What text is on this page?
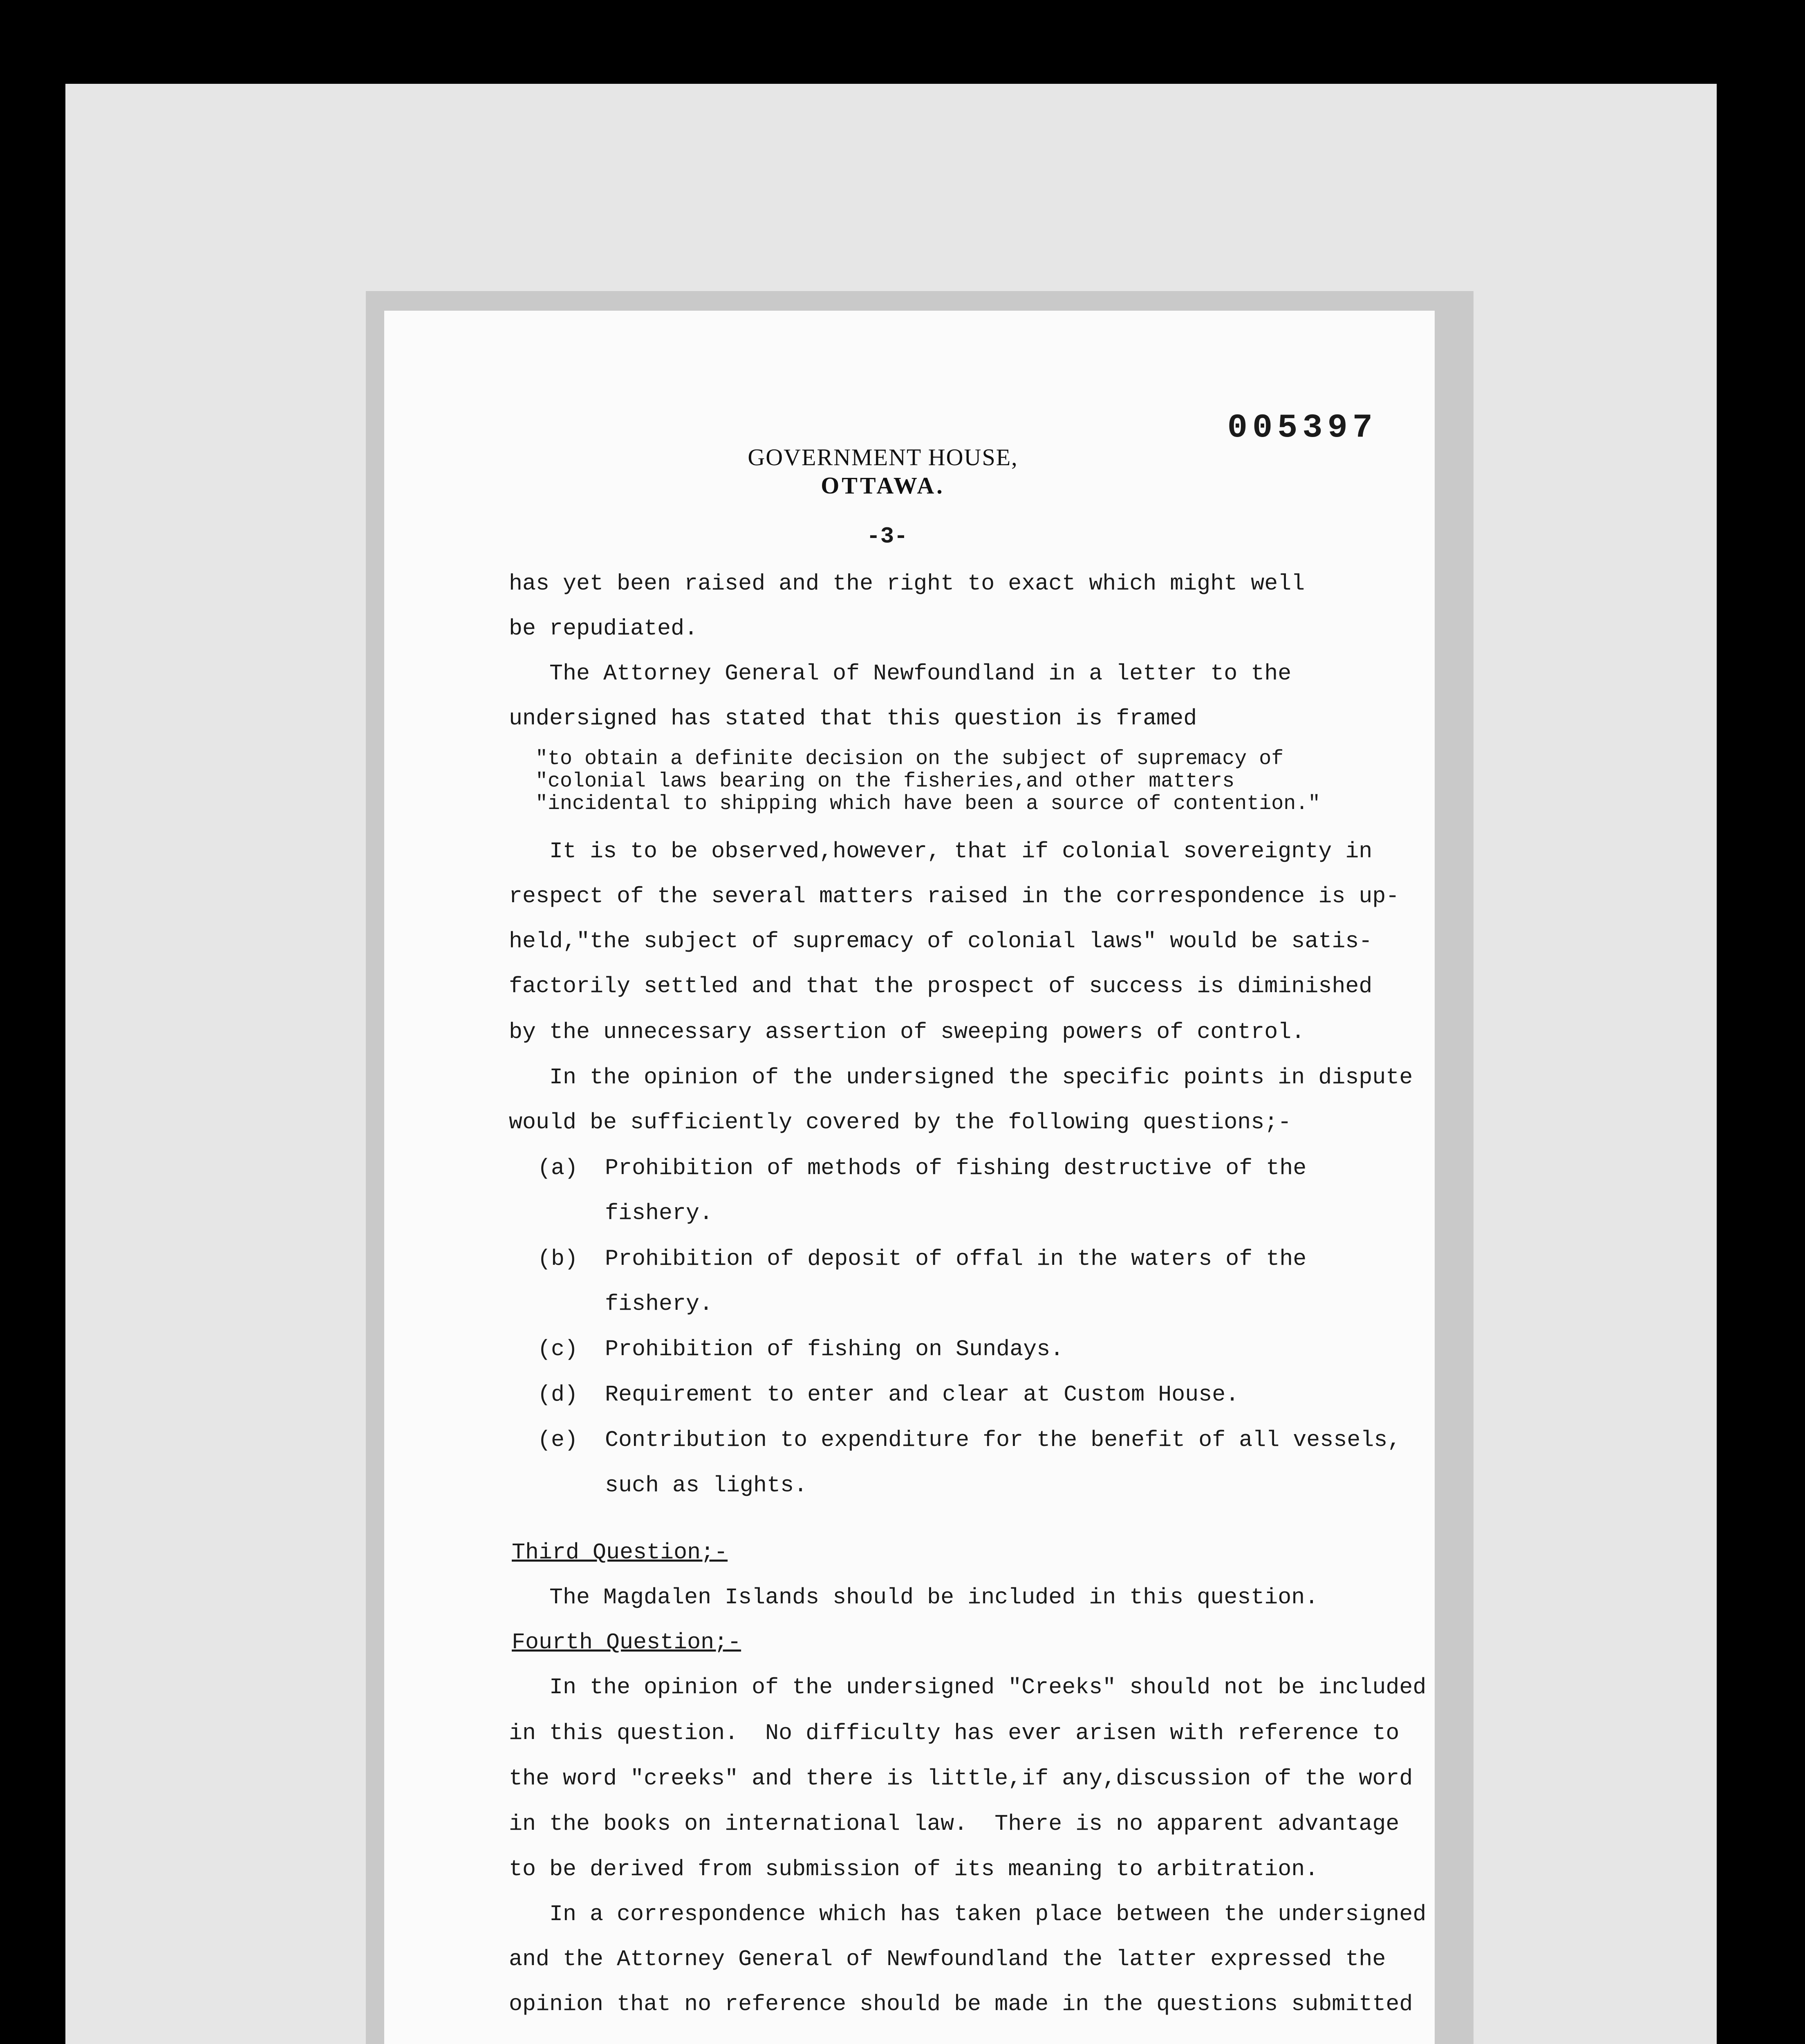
005397
GOVERNMENT HOUSE,
OTTAWA.
-3-
has yet been raised and the right to exact which might well
be repudiated.
The Attorney General of Newfoundland in a letter to the
undersigned has stated that this question is framed
"to obtain a definite decision on the subject of supremacy of
"colonial laws bearing on the fisheries,and other matters
"incidental to shipping which have been a source of contention."
It is to be observed,however, that if colonial sovereignty in
respect of the several matters raised in the correspondence is up-
held,"the subject of supremacy of colonial laws" would be satis-
factorily settled and that the prospect of success is diminished
by the unnecessary assertion of sweeping powers of control.
In the opinion of the undersigned the specific points in dispute
would be sufficiently covered by the following questions;-
(a)  Prohibition of methods of fishing destructive of the
fishery.
(b)  Prohibition of deposit of offal in the waters of the
fishery.
(c)  Prohibition of fishing on Sundays.
(d)  Requirement to enter and clear at Custom House.
(e)  Contribution to expenditure for the benefit of all vessels,
such as lights.
Third Question;-
The Magdalen Islands should be included in this question.
Fourth Question;-
In the opinion of the undersigned "Creeks" should not be included
in this question.  No difficulty has ever arisen with reference to
the word "creeks" and there is little,if any,discussion of the word
in the books on international law.  There is no apparent advantage
to be derived from submission of its meaning to arbitration.
In a correspondence which has taken place between the undersigned
and the Attorney General of Newfoundland the latter expressed the
opinion that no reference should be made in the questions submitted
